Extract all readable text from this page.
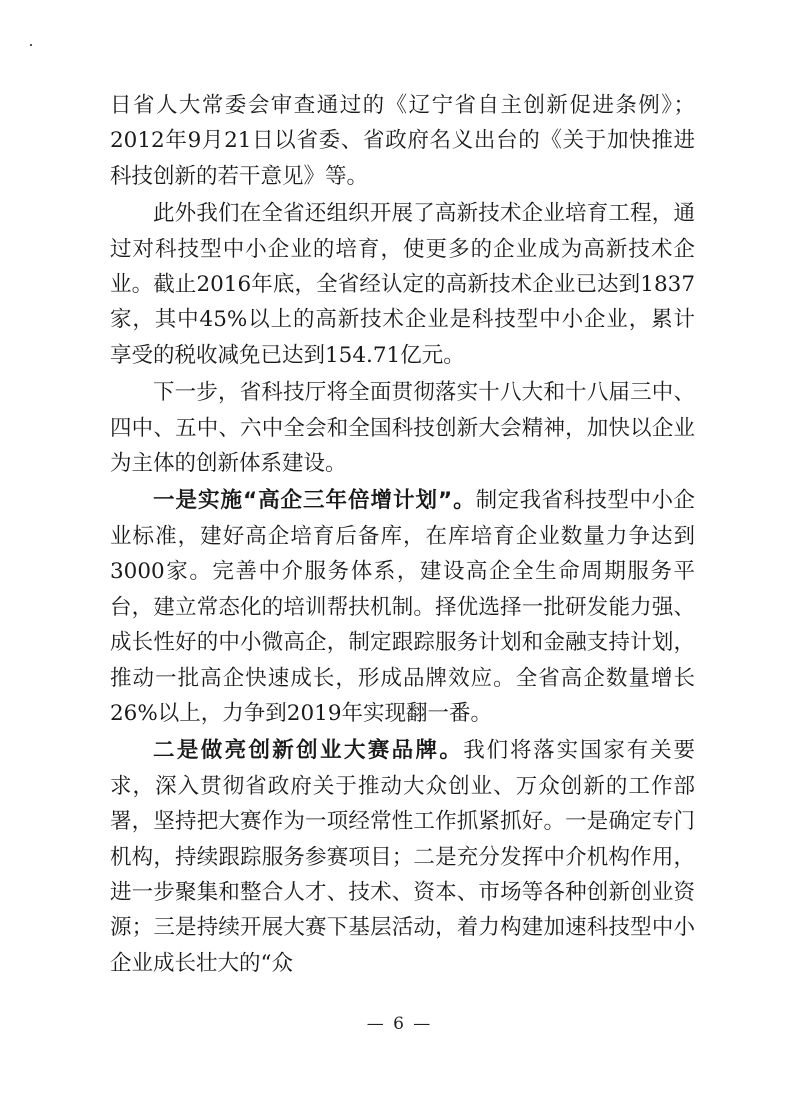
日省人大常委会审查通过的《辽宁省自主创新促进条例》；2012年9月21日以省委、省政府名义出台的《关于加快推进科技创新的若干意见》等。

此外我们在全省还组织开展了高新技术企业培育工程，通过对科技型中小企业的培育，使更多的企业成为高新技术企业。截止2016年底，全省经认定的高新技术企业已达到1837家，其中45%以上的高新技术企业是科技型中小企业，累计享受的税收减免已达到154.71亿元。

下一步，省科技厅将全面贯彻落实十八大和十八届三中、四中、五中、六中全会和全国科技创新大会精神，加快以企业为主体的创新体系建设。

一是实施“高企三年倍增计划”。制定我省科技型中小企业标准，建好高企培育后备库，在库培育企业数量力争达到3000家。完善中介服务体系，建设高企全生命周期服务平台，建立常态化的培训帮扶机制。择优选择一批研发能力强、成长性好的中小微高企，制定跟踪服务计划和金融支持计划，推动一批高企快速成长，形成品牌效应。全省高企数量增长26%以上，力争到2019年实现翻一番。

二是做亮创新创业大赛品牌。我们将落实国家有关要求，深入贯彻省政府关于推动大众创业、万众创新的工作部署，坚持把大赛作为一项经常性工作抓紧抓好。一是确定专门机构，持续跟踪服务参赛项目；二是充分发挥中介机构作用，进一步聚集和整合人才、技术、资本、市场等各种创新创业资源；三是持续开展大赛下基层活动，着力构建加速科技型中小企业成长壮大的“众

— 6 —
